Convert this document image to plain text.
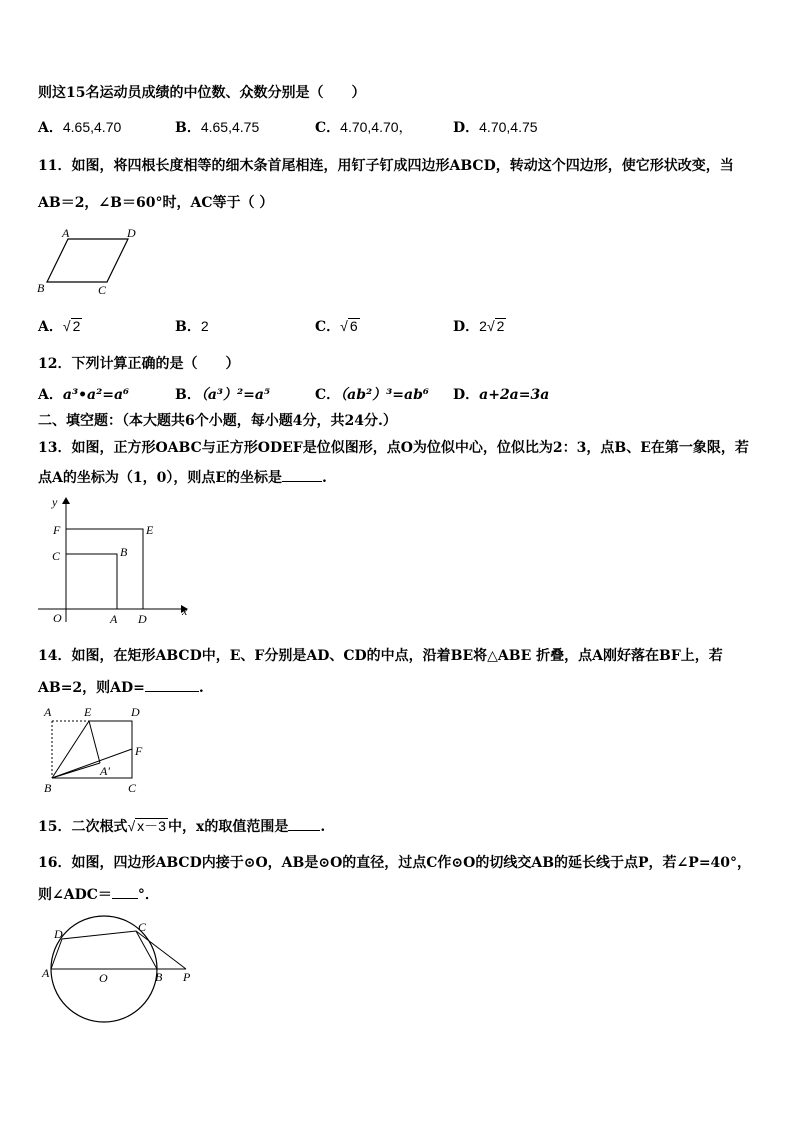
则这15名运动员成绩的中位数、众数分别是（　　）
A．4.65,4.70	B．4.65,4.75	C．4.70,4.70，	D．4.70,4.75
11．如图，将四根长度相等的细木条首尾相连，用钉子钉成四边形ABCD，转动这个四边形，使它形状改变，当
AB＝2，∠B＝60°时，AC等于（ ）
A	D
B	C
A．√ 2	B．2	C．√ 6	D．2√ 2
12．下列计算正确的是（　　）
A．a³•a²=a⁶	B．（a³）²=a⁵	C．（ab²）³=ab⁶ D．a+2a=3a
二、填空题：（本大题共6个小题，每小题4分，共24分.）
13．如图，正方形OABC与正方形ODEF是位似图形，点O为位似中心，位似比为2：3，点B、E在第一象限，若
点A的坐标为（1，0），则点E的坐标是	.
y
x
F	E
C	B
O	A D
14．如图，在矩形ABCD中，E、F分别是AD、CD的中点，沿着BE将△ABE 折叠，点A刚好落在BF上，若
AB=2，则AD=	.
A	E	D
F
A′
B	C
15．二次根式√ x－3 中，x的取值范围是 .
16．如图，四边形ABCD内接于⊙O，AB是⊙O的直径，过点C作⊙O的切线交AB的延长线于点P，若∠P=40°，
则∠ADC＝ °．
D	C
A	O	B P
